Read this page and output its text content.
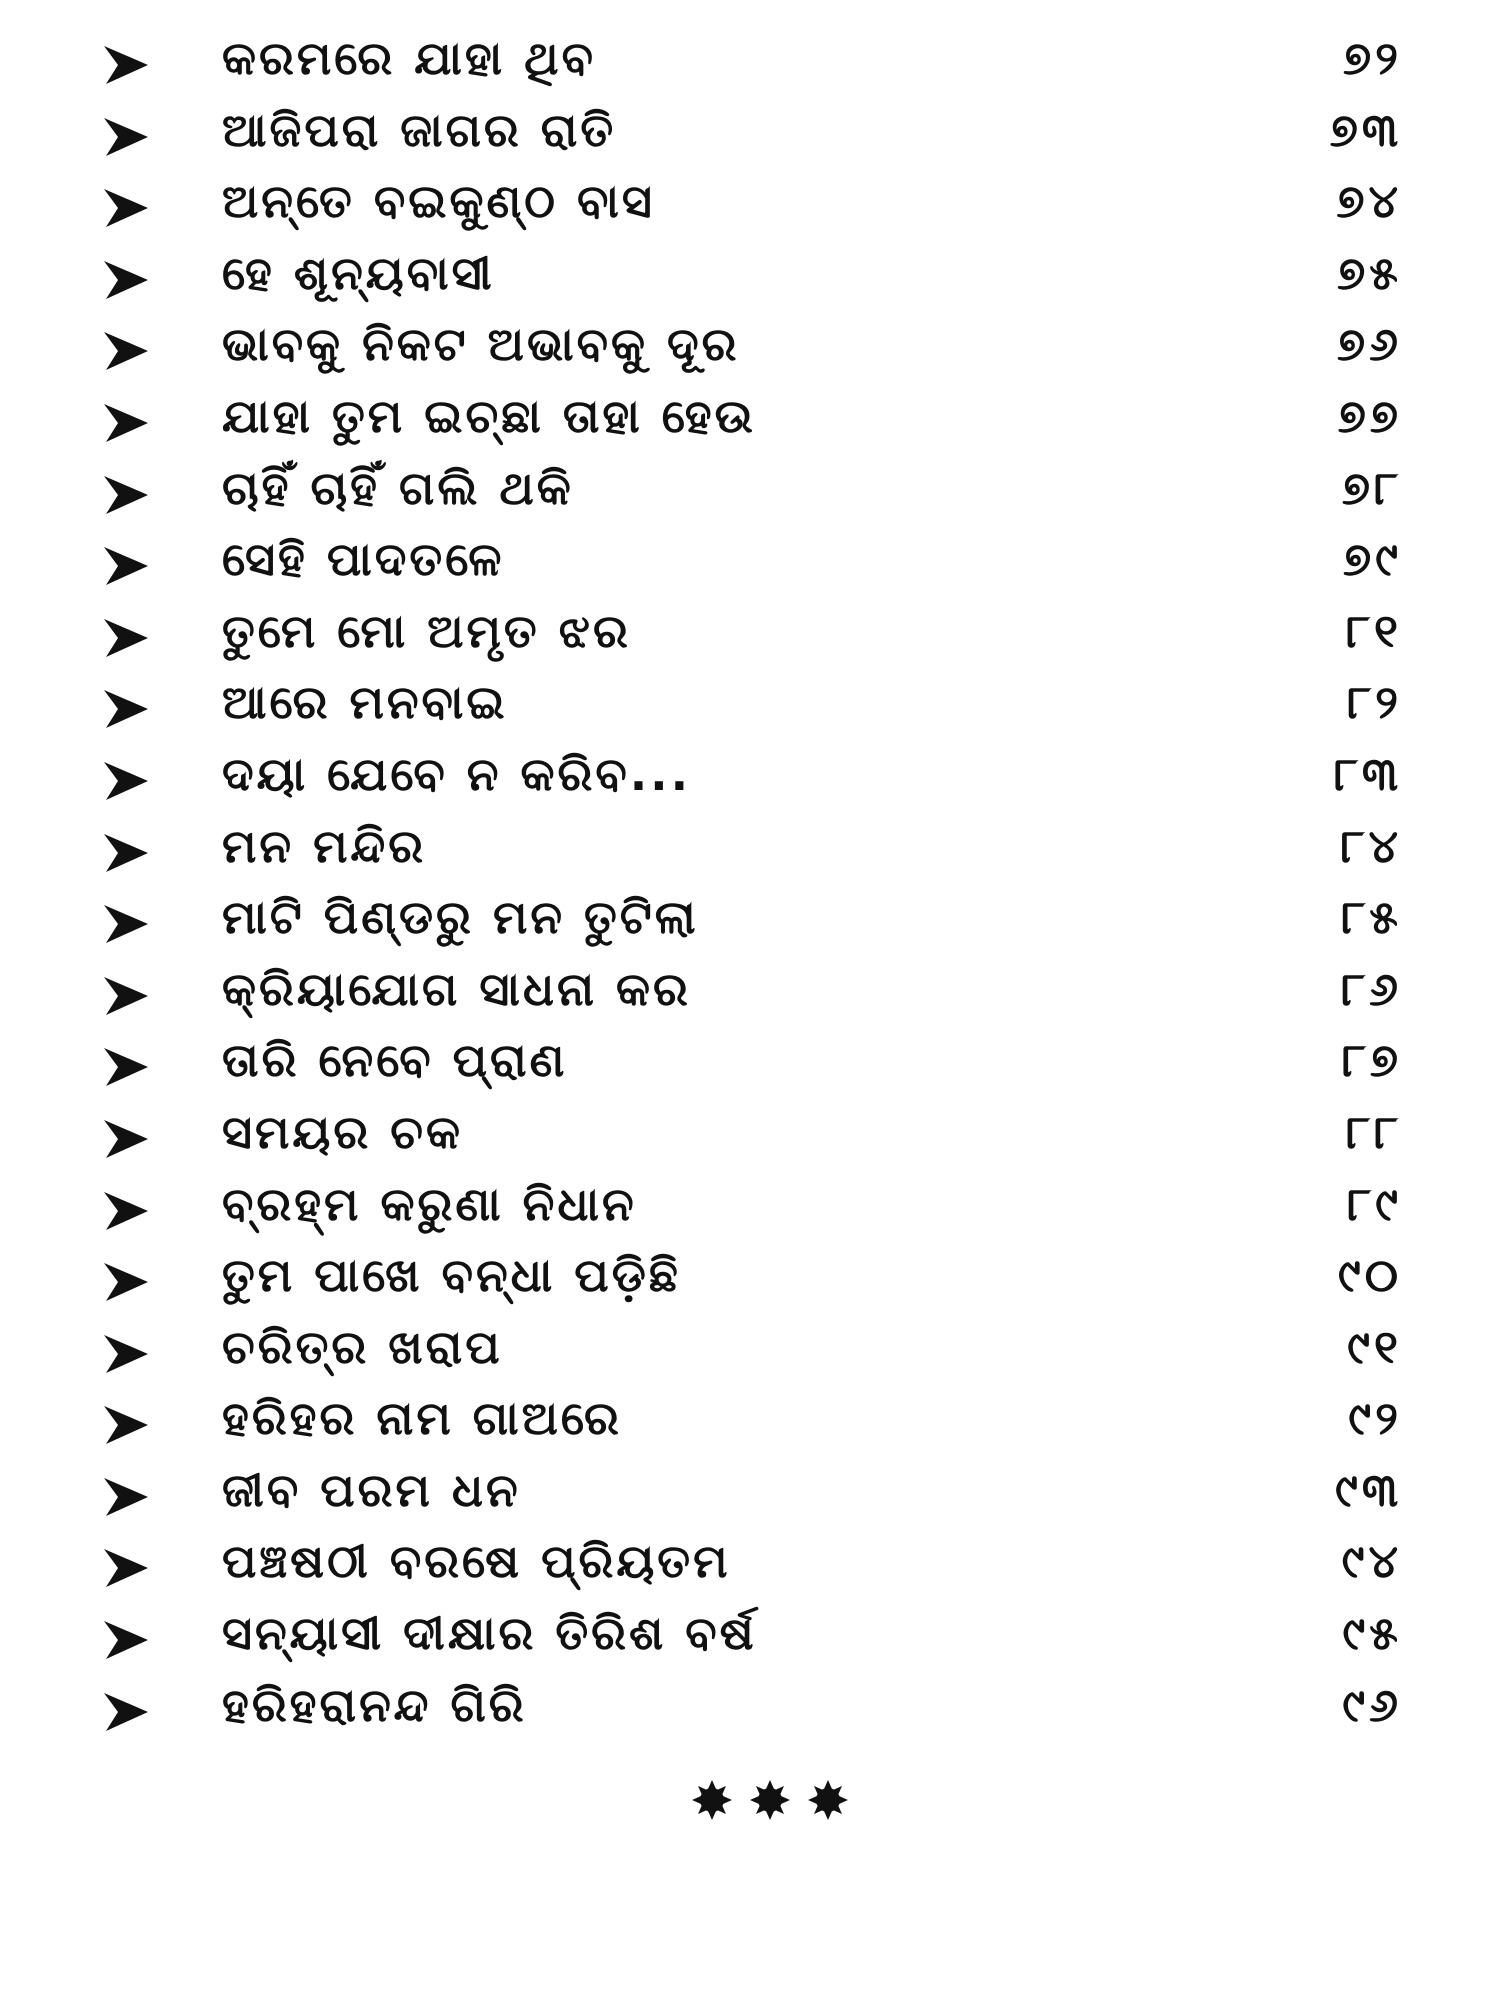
କରମରେ ଯାହା ଥିବ	୭୨
ଆଜିପରା ଜାଗର ରାତି	୭୩
ଅନ୍ତେ ବଇକୁଣ୍ଠ ବାସ	୭୪
ହେ ଶୂନ୍ୟବାସୀ	୭୫
ଭାବକୁ ନିକଟ ଅଭାବକୁ ଦୂର	୭୬
ଯାହା ତୁମ ଇଚ୍ଛା ତାହା ହେଉ	୭୭
ଚାହିଁ ଚାହିଁ ଗଲି ଥକି	୭୮
ସେହି ପାଦତଳେ	୭୯
ତୁମେ ମୋ ଅମୃତ ଝର	୮୧
ଆରେ ମନବାଇ	୮୨
ଦୟା ଯେବେ ନ କରିବ...	୮୩
ମନ ମନ୍ଦିର	୮୪
ମାଟି ପିଣ୍ଡରୁ ମନ ତୁଟିଲା	୮୫
କ୍ରିୟାଯୋଗ ସାଧନା କର	୮୬
ତାରି ନେବେ ପ୍ରାଣ	୮୭
ସମୟର ଚକ	୮୮
ବ୍ରହ୍ମ କରୁଣା ନିଧାନ	୮୯
ତୁମ ପାଖେ ବନ୍ଧା ପଡ଼ିଛି	୯୦
ଚରିତ୍ର ଖରାପ	୯୧
ହରିହର ନାମ ଗାଅରେ	୯୨
ଜୀବ ପରମ ଧନ	୯୩
ପଞ୍ଚଷଠୀ ବରଷେ ପ୍ରିୟତମ	୯୪
ସନ୍ୟାସୀ ଦୀକ୍ଷାର ତିରିଶ ବର୍ଷ	୯୫
ହରିହରାନନ୍ଦ ଗିରି	୯୬
